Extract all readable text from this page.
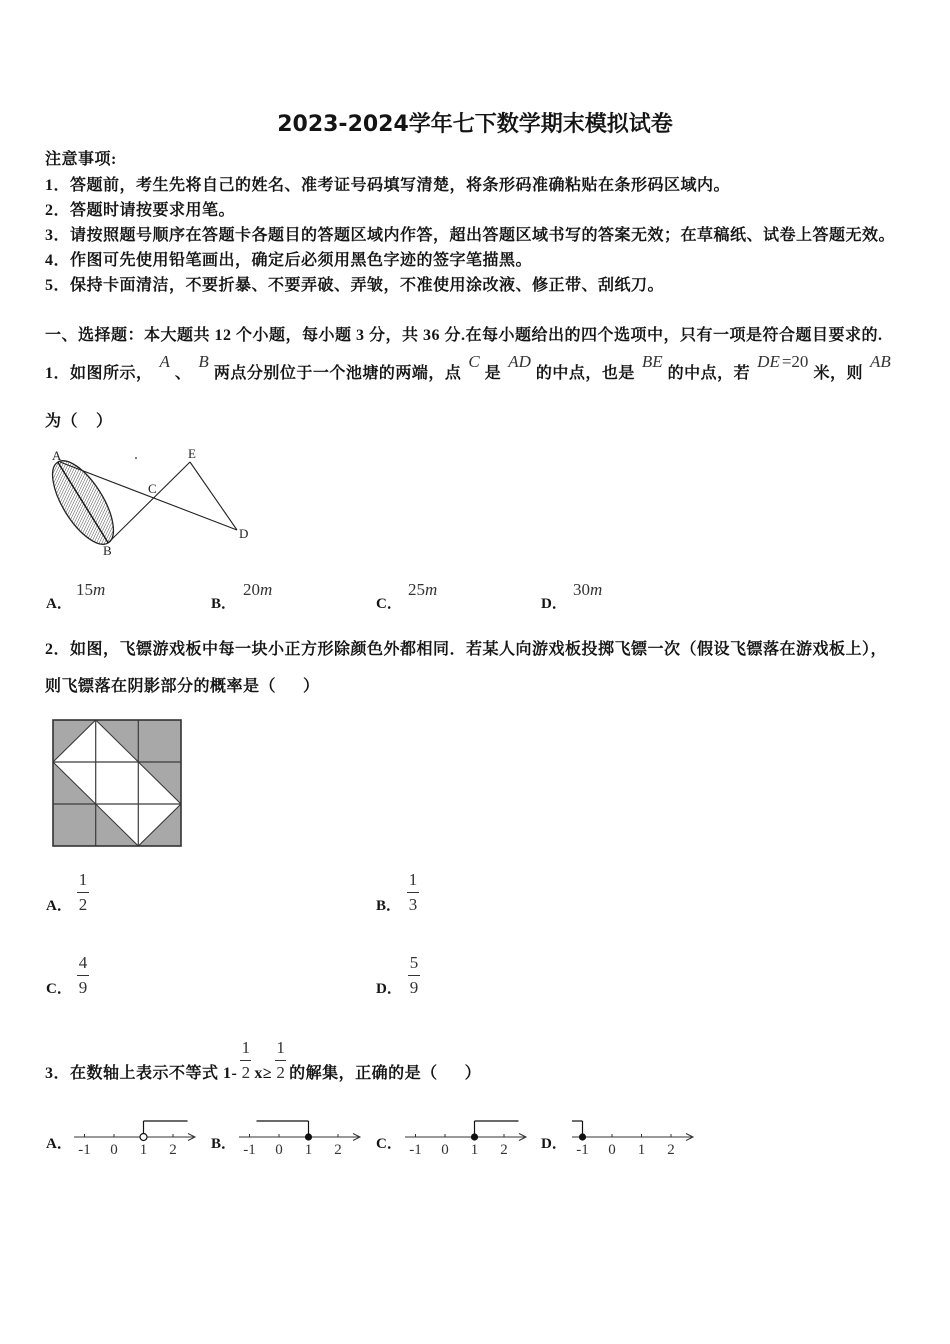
2023-2024学年七下数学期末模拟试卷
注意事项:
1．答题前，考生先将自己的姓名、准考证号码填写清楚，将条形码准确粘贴在条形码区域内。
2．答题时请按要求用笔。
3．请按照题号顺序在答题卡各题目的答题区域内作答，超出答题区域书写的答案无效；在草稿纸、试卷上答题无效。
4．作图可先使用铅笔画出，确定后必须用黑色字迹的签字笔描黑。
5．保持卡面清洁，不要折暴、不要弄破、弄皱，不准使用涂改液、修正带、刮纸刀。
一、选择题：本大题共 12 个小题，每小题 3 分，共 36 分.在每小题给出的四个选项中，只有一项是符合题目要求的.
1．如图所示，A、B两点分别位于一个池塘的两端，点C是AD的中点，也是BE的中点，若DE =20米，则AB
为（    ）
A	E
C
B
D
A．
15m
B．
20m
C．
25m
D．
30m
2．如图，飞镖游戏板中每一块小正方形除颜色外都相同．若某人向游戏板投掷飞镖一次（假设飞镖落在游戏板上），
则飞镖落在阴影部分的概率是（      ）
A．
1
2	B．
1
3
C．
4
9	D．
5
9
3．在数轴上表示不等式 $1- \frac{1}{2} x\ge \frac{1}{2}$ 的解集，正确的是（      ）
A． -1 0 1 2 B． -1 0 1 2 C． -1 0 1 2 D． -1 0 1 2
